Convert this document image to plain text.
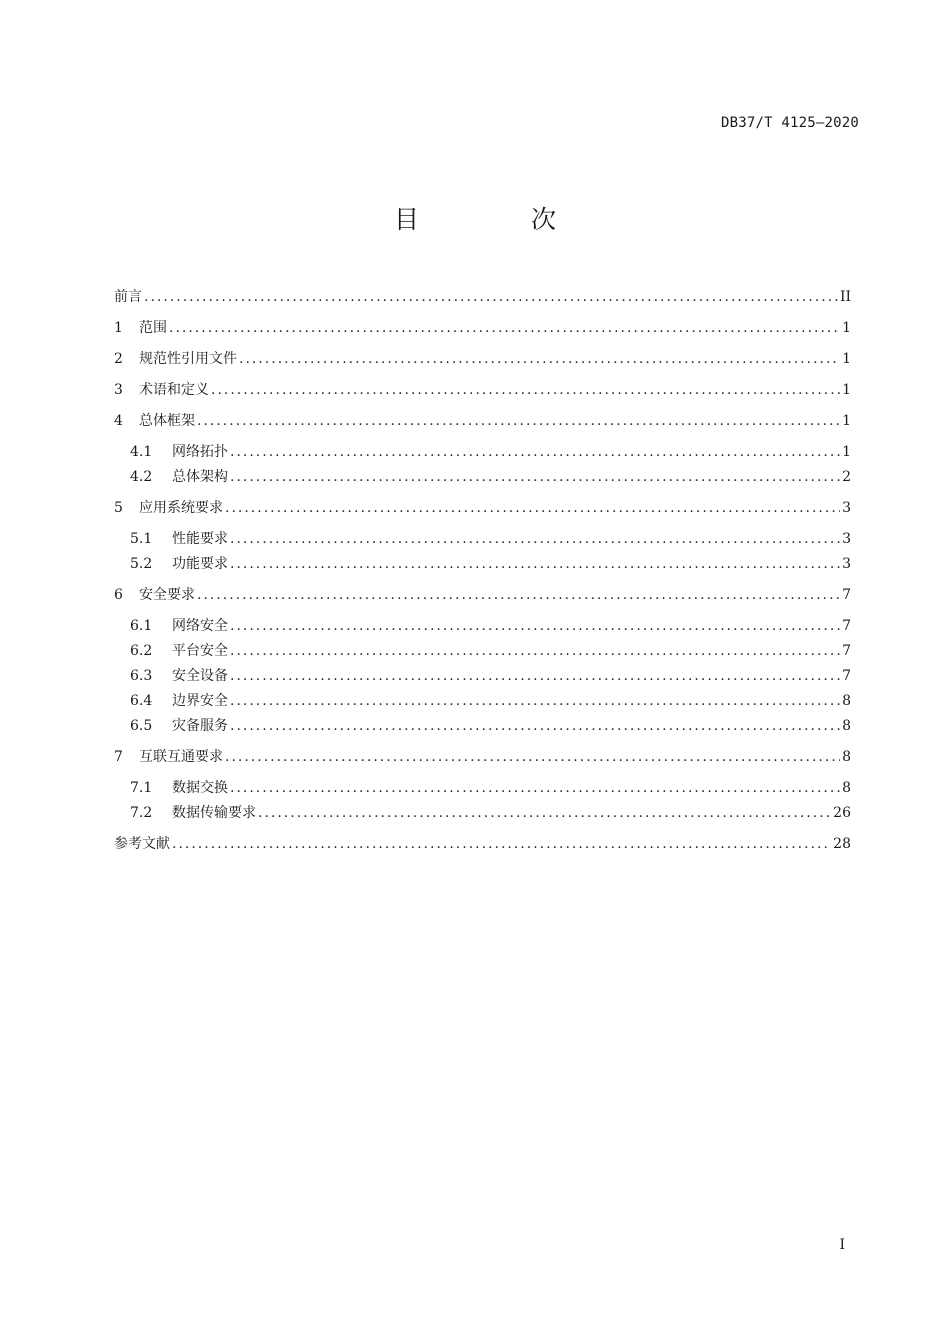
DB37/T 4125—2020
目 次
前言 .....	II
1	范围 .....	1
2	规范性引用文件 .....	1
3	术语和定义 .....	1
4	总体框架 .....	1
4.1	网络拓扑 .....	1
4.2	总体架构 .....	2
5	应用系统要求 .....	3
5.1	性能要求 .....	3
5.2	功能要求 .....	3
6	安全要求 .....	7
6.1	网络安全 .....	7
6.2	平台安全 .....	7
6.3	安全设备 .....	7
6.4	边界安全 .....	8
6.5	灾备服务 .....	8
7	互联互通要求 .....	8
7.1	数据交换 .....	8
7.2	数据传输要求 .....	26
参考文献 .....	28
I
